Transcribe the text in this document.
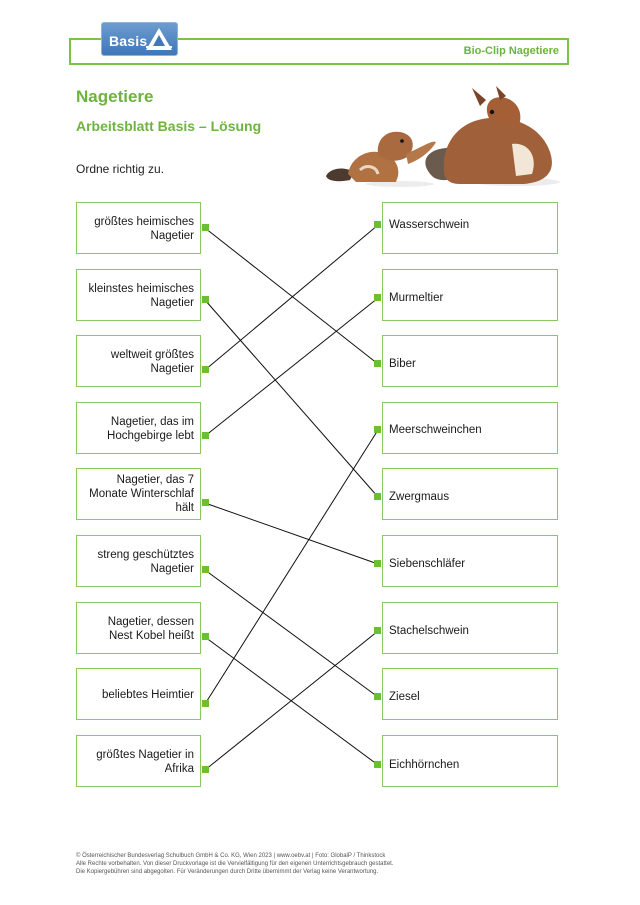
Bio-Clip Nagetiere
Basis
Nagetiere
Arbeitsblatt Basis – Lösung
Ordne richtig zu.
größtes heimisches
Nagetier
kleinstes heimisches
Nagetier
weltweit größtes
Nagetier
Nagetier, das im
Hochgebirge lebt
Nagetier, das 7
Monate Winterschlaf
hält
streng geschütztes
Nagetier
Nagetier, dessen
Nest Kobel heißt
beliebtes Heimtier
größtes Nagetier in
Afrika
Wasserschwein
Murmeltier
Biber
Meerschweinchen
Zwergmaus
Siebenschläfer
Stachelschwein
Ziesel
Eichhörnchen
© Österreichischer Bundesverlag Schulbuch GmbH & Co. KG, Wien 2023 | www.oebv.at | Foto: GlobalP / Thinkstock
Alle Rechte vorbehalten. Von dieser Druckvorlage ist die Vervielfältigung für den eigenen Unterrichtsgebrauch gestattet.
Die Kopiergebühren sind abgegolten. Für Veränderungen durch Dritte übernimmt der Verlag keine Verantwortung.
